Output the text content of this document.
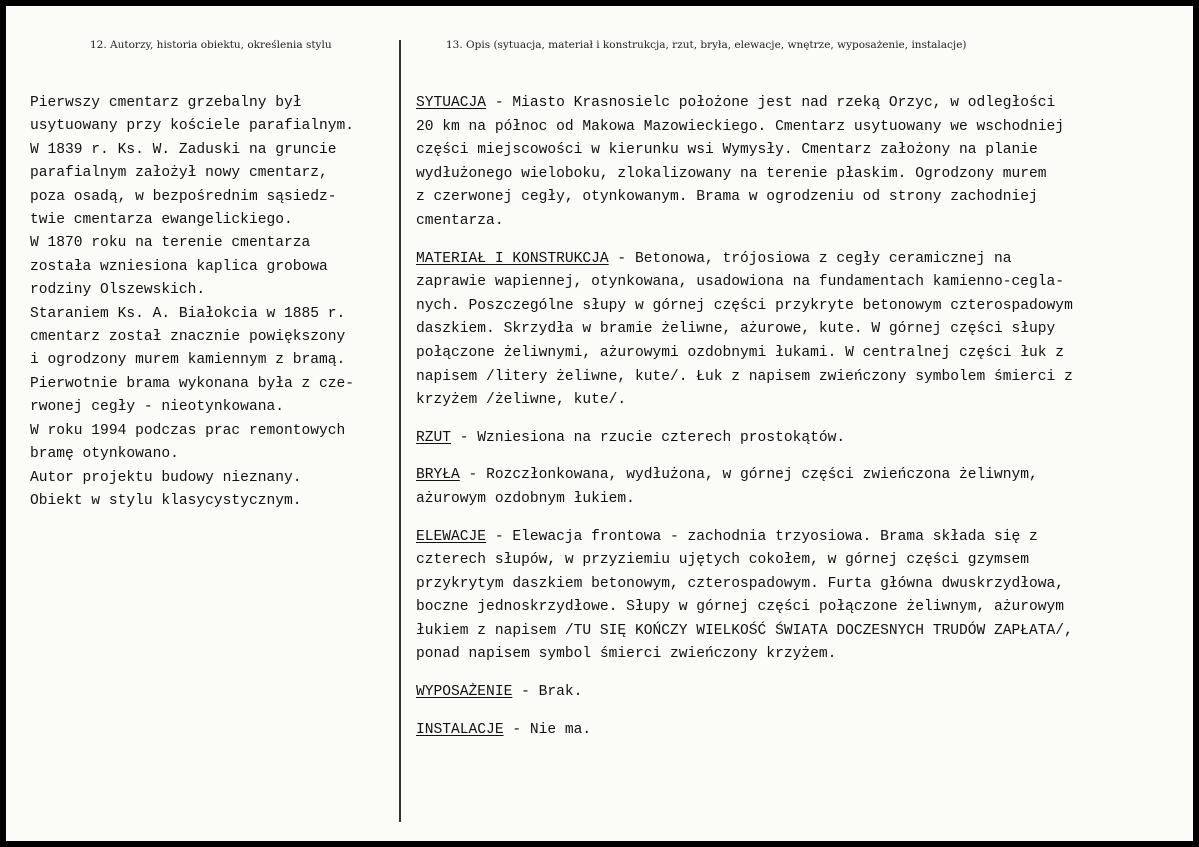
12. Autorzy, historia obiektu, określenia stylu	13. Opis (sytuacja, materiał i konstrukcja, rzut, bryła, elewacje, wnętrze, wyposażenie, instalacje)
Pierwszy cmentarz grzebalny był
usytuowany przy kościele parafialnym.
W 1839 r. Ks. W. Zaduski na gruncie
parafialnym założył nowy cmentarz,
poza osadą, w bezpośrednim sąsiedz-
twie cmentarza ewangelickiego.
W 1870 roku na terenie cmentarza
została wzniesiona kaplica grobowa
rodziny Olszewskich.
Staraniem Ks. A. Białokcia w 1885 r.
cmentarz został znacznie powiększony
i ogrodzony murem kamiennym z bramą.
Pierwotnie brama wykonana była z cze-
rwonej cegły - nieotynkowana.
W roku 1994 podczas prac remontowych
bramę otynkowano.
Autor projektu budowy nieznany.
Obiekt w stylu klasycystycznym.
SYTUACJA - Miasto Krasnosielc położone jest nad rzeką Orzyc, w odległości
20 km na północ od Makowa Mazowieckiego. Cmentarz usytuowany we wschodniej
części miejscowości w kierunku wsi Wymysły. Cmentarz założony na planie
wydłużonego wieloboku, zlokalizowany na terenie płaskim. Ogrodzony murem
z czerwonej cegły, otynkowanym. Brama w ogrodzeniu od strony zachodniej
cmentarza.
MATERIAŁ I KONSTRUKCJA - Betonowa, trójosiowa z cegły ceramicznej na
zaprawie wapiennej, otynkowana, usadowiona na fundamentach kamienno-cegla-
nych. Poszczególne słupy w górnej części przykryte betonowym czterospadowym
daszkiem. Skrzydła w bramie żeliwne, ażurowe, kute. W górnej części słupy
połączone żeliwnymi, ażurowymi ozdobnymi łukami. W centralnej części łuk z
napisem /litery żeliwne, kute/. Łuk z napisem zwieńczony symbolem śmierci z
krzyżem /żeliwne, kute/.
RZUT - Wzniesiona na rzucie czterech prostokątów.
BRYŁA - Rozczłonkowana, wydłużona, w górnej części zwieńczona żeliwnym,
ażurowym ozdobnym łukiem.
ELEWACJE - Elewacja frontowa - zachodnia trzyosiowa. Brama składa się z
czterech słupów, w przyziemiu ujętych cokołem, w górnej części gzymsem
przykrytym daszkiem betonowym, czterospadowym. Furta główna dwuskrzydłowa,
boczne jednoskrzydłowe. Słupy w górnej części połączone żeliwnym, ażurowym
łukiem z napisem /TU SIĘ KOŃCZY WIELKOŚĆ ŚWIATA DOCZESNYCH TRUDÓW ZAPŁATA/,
ponad napisem symbol śmierci zwieńczony krzyżem.
WYPOSAŻENIE - Brak.
INSTALACJE - Nie ma.
